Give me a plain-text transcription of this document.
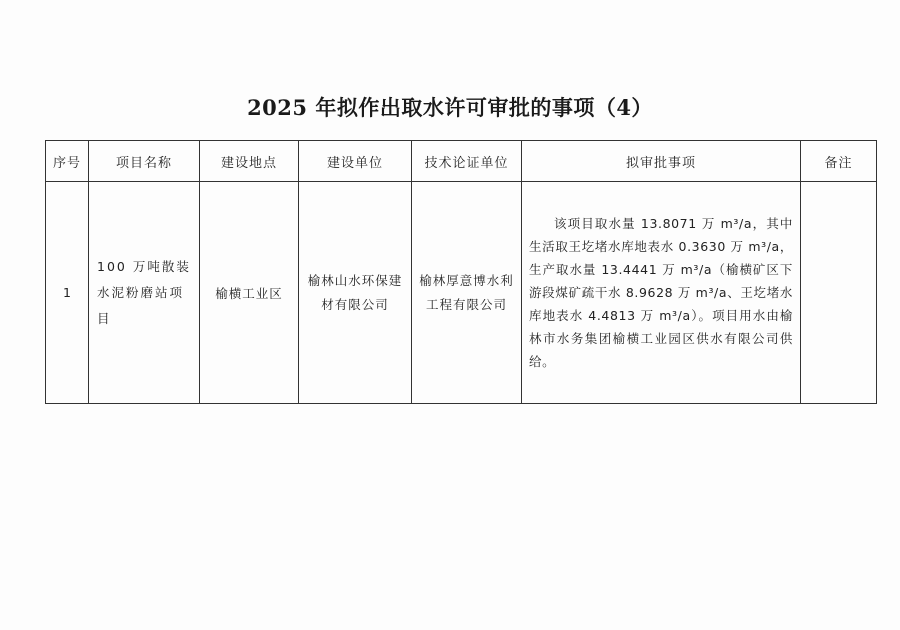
2025 年拟作出取水许可审批的事项（4）
序号	项目名称	建设地点	建设单位	技术论证单位	拟审批事项	备注
1	100 万吨散装水泥粉磨站项目	榆横工业区	榆林山水环保建材有限公司	榆林厚意博水利工程有限公司	该项目取水量 13.8071 万 m³/a，其中生活取王圪堵水库地表水 0.3630 万 m³/a，生产取水量 13.4441 万 m³/a（榆横矿区下游段煤矿疏干水 8.9628 万 m³/a、王圪堵水库地表水 4.4813 万 m³/a）。项目用水由榆林市水务集团榆横工业园区供水有限公司供给。	
